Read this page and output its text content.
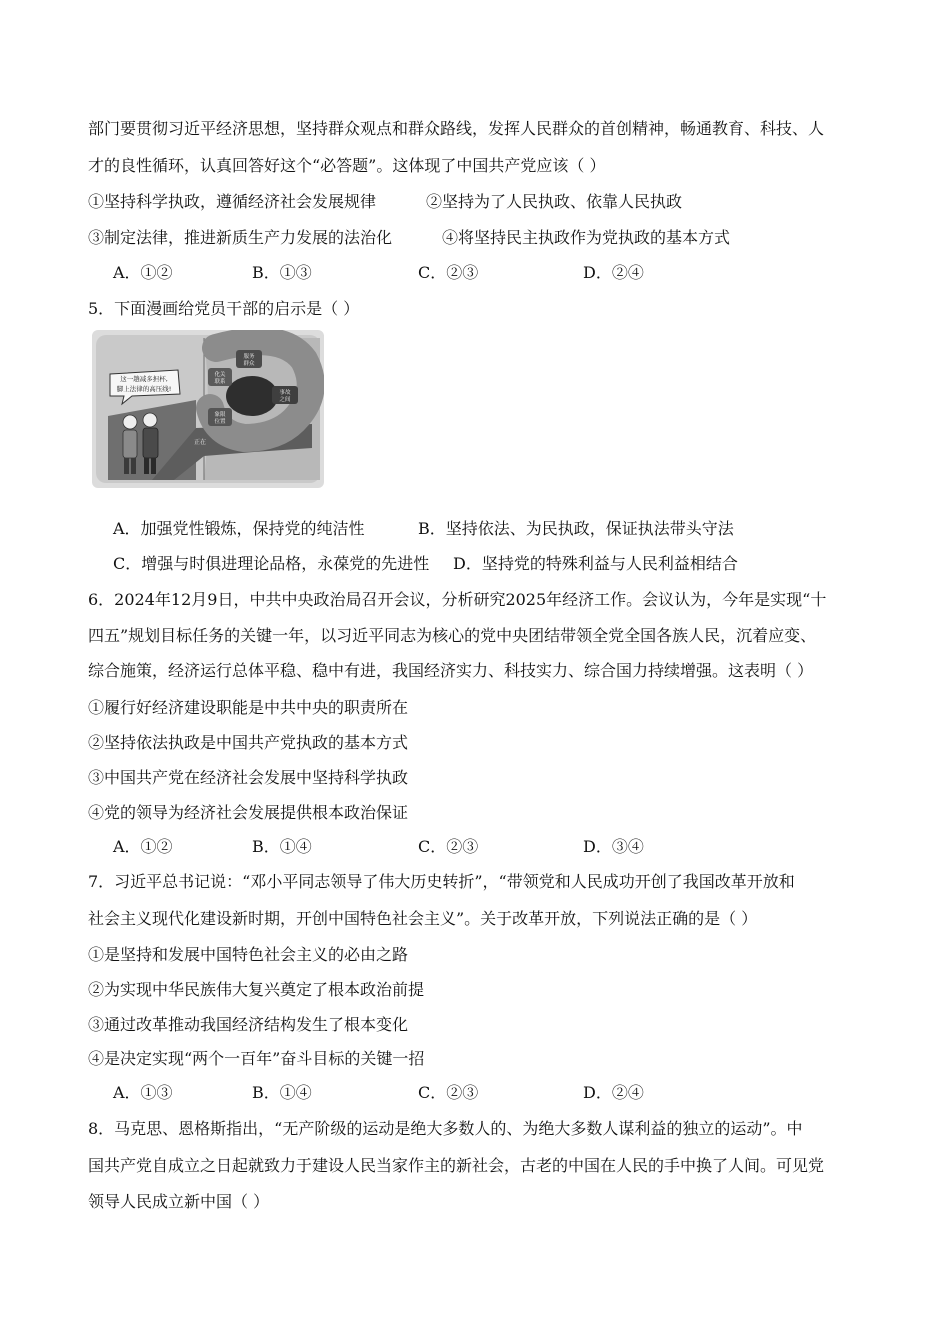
部门要贯彻习近平经济思想，坚持群众观点和群众路线，发挥人民群众的首创精神，畅通教育、科技、人
才的良性循环，认真回答好这个“必答题”。这体现了中国共产党应该（ ）
①坚持科学执政，遵循经济社会发展规律	②坚持为了人民执政、依靠人民执政
③制定法律，推进新质生产力发展的法治化	④将坚持民主执政作为党执政的基本方式
A．①②	B．①③	C．②③	D．②④
5．下面漫画给党员干部的启示是（ ）
这一趟减多担杯,
脚上法律的高压线!
服务
群众
化关
联系
事故
之间
象限
位置
正在
A．加强党性锻炼，保持党的纯洁性	B．坚持依法、为民执政，保证执法带头守法
C．增强与时俱进理论品格，永葆党的先进性 D．坚持党的特殊利益与人民利益相结合
6．2024年12月9日，中共中央政治局召开会议，分析研究2025年经济工作。会议认为，今年是实现“十
四五”规划目标任务的关键一年，以习近平同志为核心的党中央团结带领全党全国各族人民，沉着应变、
综合施策，经济运行总体平稳、稳中有进，我国经济实力、科技实力、综合国力持续增强。这表明（ ）
①履行好经济建设职能是中共中央的职责所在
②坚持依法执政是中国共产党执政的基本方式
③中国共产党在经济社会发展中坚持科学执政
④党的领导为经济社会发展提供根本政治保证
A．①②	B．①④	C．②③	D．③④
7．习近平总书记说：“邓小平同志领导了伟大历史转折”，“带领党和人民成功开创了我国改革开放和
社会主义现代化建设新时期，开创中国特色社会主义”。关于改革开放，下列说法正确的是（ ）
①是坚持和发展中国特色社会主义的必由之路
②为实现中华民族伟大复兴奠定了根本政治前提
③通过改革推动我国经济结构发生了根本变化
④是决定实现“两个一百年”奋斗目标的关键一招
A．①③	B．①④	C．②③	D．②④
8．马克思、恩格斯指出，“无产阶级的运动是绝大多数人的、为绝大多数人谋利益的独立的运动”。中
国共产党自成立之日起就致力于建设人民当家作主的新社会，古老的中国在人民的手中换了人间。可见党
领导人民成立新中国（ ）
